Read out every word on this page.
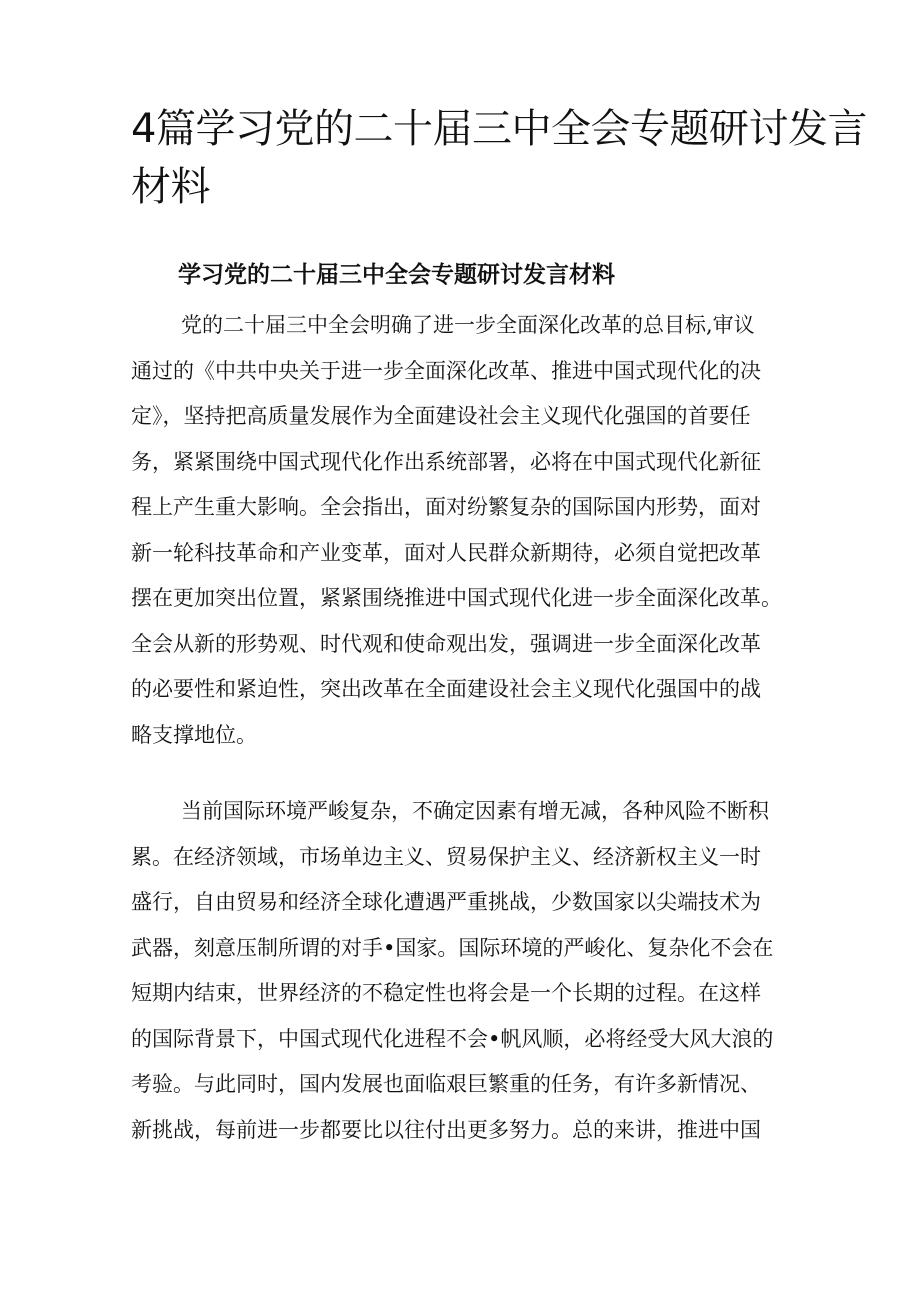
4篇学习党的二十届三中全会专题研讨发言
材料
学习党的二十届三中全会专题研讨发言材料
党的二十届三中全会明确了进一步全面深化改革的总目标,审议
通过的《中共中央关于进一步全面深化改革、推进中国式现代化的决
定》，坚持把高质量发展作为全面建设社会主义现代化强国的首要任
务，紧紧围绕中国式现代化作出系统部署，必将在中国式现代化新征
程上产生重大影响。全会指出，面对纷繁复杂的国际国内形势，面对
新一轮科技革命和产业变革，面对人民群众新期待，必须自觉把改革
摆在更加突出位置，紧紧围绕推进中国式现代化进一步全面深化改革。
全会从新的形势观、时代观和使命观出发，强调进一步全面深化改革
的必要性和紧迫性，突出改革在全面建设社会主义现代化强国中的战
略支撑地位。
当前国际环境严峻复杂，不确定因素有增无减，各种风险不断积
累。在经济领域，市场单边主义、贸易保护主义、经济新权主义一时
盛行，自由贸易和经济全球化遭遇严重挑战，少数国家以尖端技术为
武器，刻意压制所谓的对手•国家。国际环境的严峻化、复杂化不会在
短期内结束，世界经济的不稳定性也将会是一个长期的过程。在这样
的国际背景下，中国式现代化进程不会•帆风顺，必将经受大风大浪的
考验。与此同时，国内发展也面临艰巨繁重的任务，有许多新情况、
新挑战，每前进一步都要比以往付出更多努力。总的来讲，推进中国
